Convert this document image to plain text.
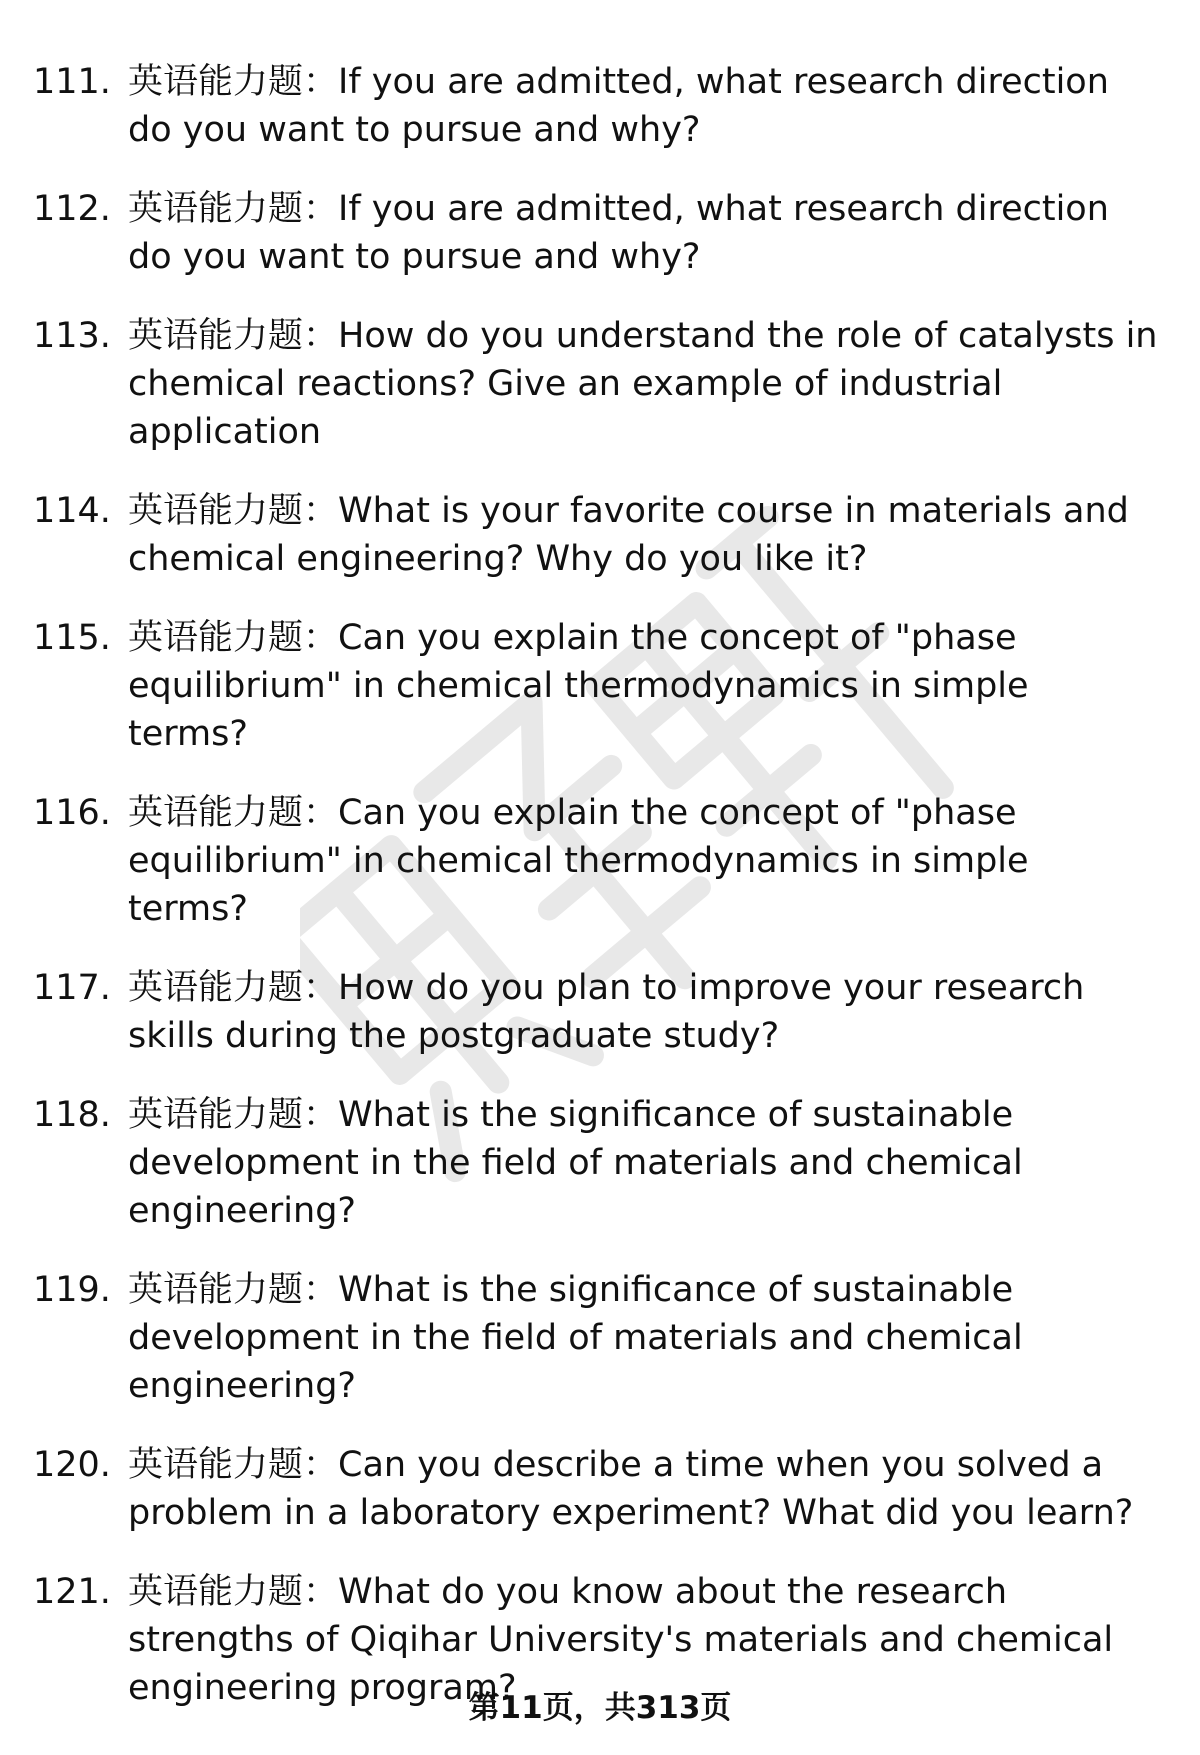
111. 英语能力题：If you are admitted, what research direction do you want to pursue and why?
112. 英语能力题：If you are admitted, what research direction do you want to pursue and why?
113. 英语能力题：How do you understand the role of catalysts in chemical reactions? Give an example of industrial application
114. 英语能力题：What is your favorite course in materials and chemical engineering? Why do you like it?
115. 英语能力题：Can you explain the concept of "phase equilibrium" in chemical thermodynamics in simple terms?
116. 英语能力题：Can you explain the concept of "phase equilibrium" in chemical thermodynamics in simple terms?
117. 英语能力题：How do you plan to improve your research skills during the postgraduate study?
118. 英语能力题：What is the significance of sustainable development in the field of materials and chemical engineering?
119. 英语能力题：What is the significance of sustainable development in the field of materials and chemical engineering?
120. 英语能力题：Can you describe a time when you solved a problem in a laboratory experiment? What did you learn?
121. 英语能力题：What do you know about the research strengths of Qiqihar University's materials and chemical engineering program?
第11页，共313页
